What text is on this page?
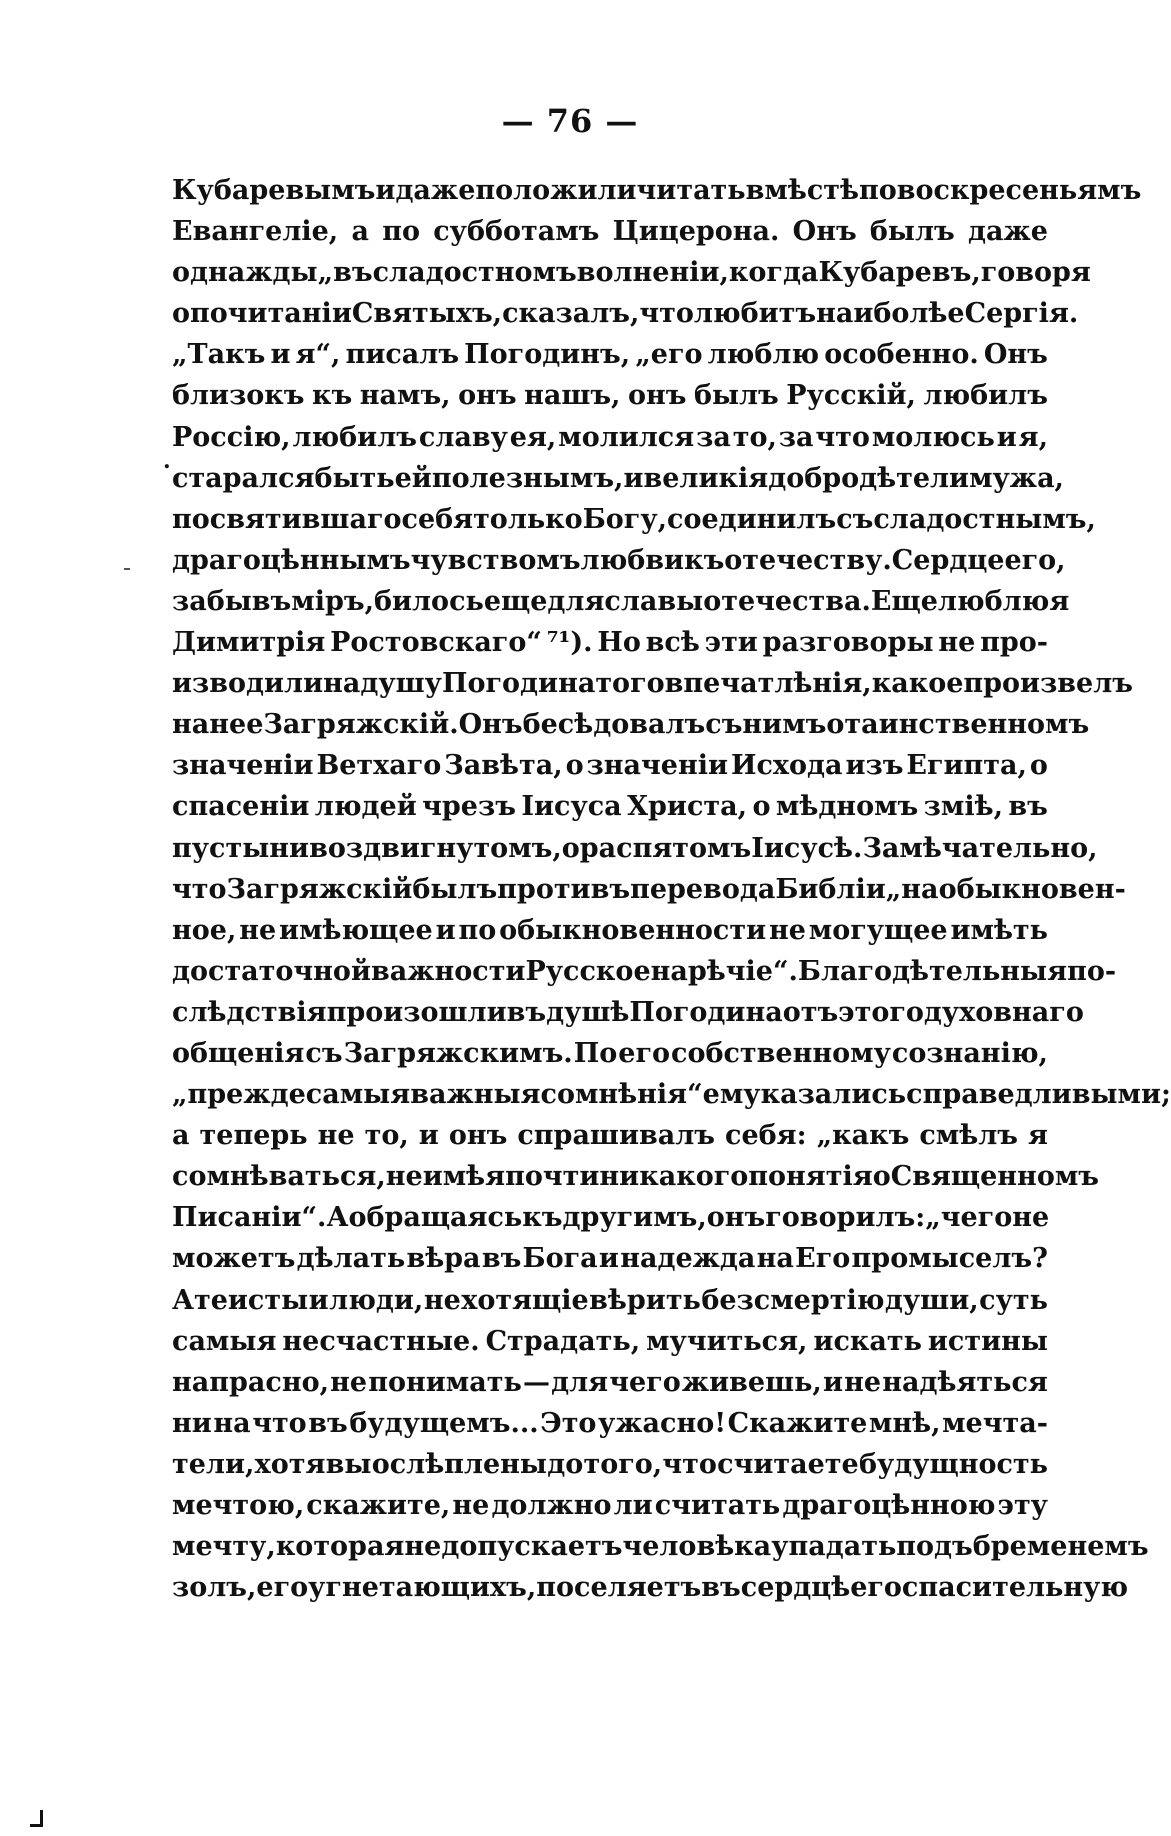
— 76 —
.
Кубаревымъ и даже положили читать вмѣстѣ по воскресеньямъ
Евангеліе, а по субботамъ Цицерона. Онъ былъ даже
однажды „въ сладостномъ волненіи, когда Кубаревъ, говоря
о почитаніи Святыхъ, сказалъ, что любитъ наиболѣе Сергія.
„Такъ и я“, писалъ Погодинъ, „его люблю особенно. Онъ
близокъ къ намъ, онъ нашъ, онъ былъ Русскій, любилъ
Россію, любилъ славу ея, молился за то, за что молюсь и я,
старался быть ей полезнымъ, и великія добродѣтели мужа,
посвятившаго себя только Богу, соединилъ съ сладостнымъ,
драгоцѣннымъ чувствомъ любви къ отечеству. Сердце его,
забывъ міръ, билось еще для славы отечества. Еще люблю я
Димитрія Ростовскаго“ ⁷¹). Но всѣ эти разговоры не про-
изводили на душу Погодина того впечатлѣнія, какое произвелъ
на нее Загряжскій. Онъ бесѣдовалъ съ нимъ о таинственномъ
значеніи Ветхаго Завѣта, о значеніи Исхода изъ Египта, о
спасеніи людей чрезъ Іисуса Христа, о мѣдномъ змiѣ, въ
пустыни воздвигнутомъ, о распятомъ Іисусѣ. Замѣчательно,
что Загряжскій былъ противъ перевода Библіи „на обыкновен-
ное, не имѣющее и по обыкновенности не могущее имѣть
достаточной важности Русское нарѣчіе“. Благодѣтельныя по-
слѣдствія произошли въ душѣ Погодина отъ этого духовнаго
общенія съ Загряжскимъ. По его собственному сознанію,
„прежде самыя важныя сомнѣнія“ ему казались справедливыми;
а теперь не то, и онъ спрашивалъ себя: „какъ смѣлъ я
сомнѣваться, не имѣя почти никакого понятія о Священномъ
Писаніи“. А обращаясь къ другимъ, онъ говорилъ: „чего не
можетъ дѣлать вѣра въ Бога и надежда на Его промыселъ?
Атеисты и люди, не хотящіе вѣрить безсмертію души, суть
самыя несчастные. Страдать, мучиться, искать истины
напрасно, не понимать — для чего живешь, и не надѣяться
ни на что въ будущемъ... Это ужасно! Скажите мнѣ, мечта-
тели, хотя вы ослѣплены до того, что считаете будущность
мечтою, скажите, не должно ли считать драгоцѣнною эту
мечту, которая не допускаетъ человѣка упадать подъ бременемъ
золъ, его угнетающихъ, поселяетъ въ сердцѣ его спасительную
